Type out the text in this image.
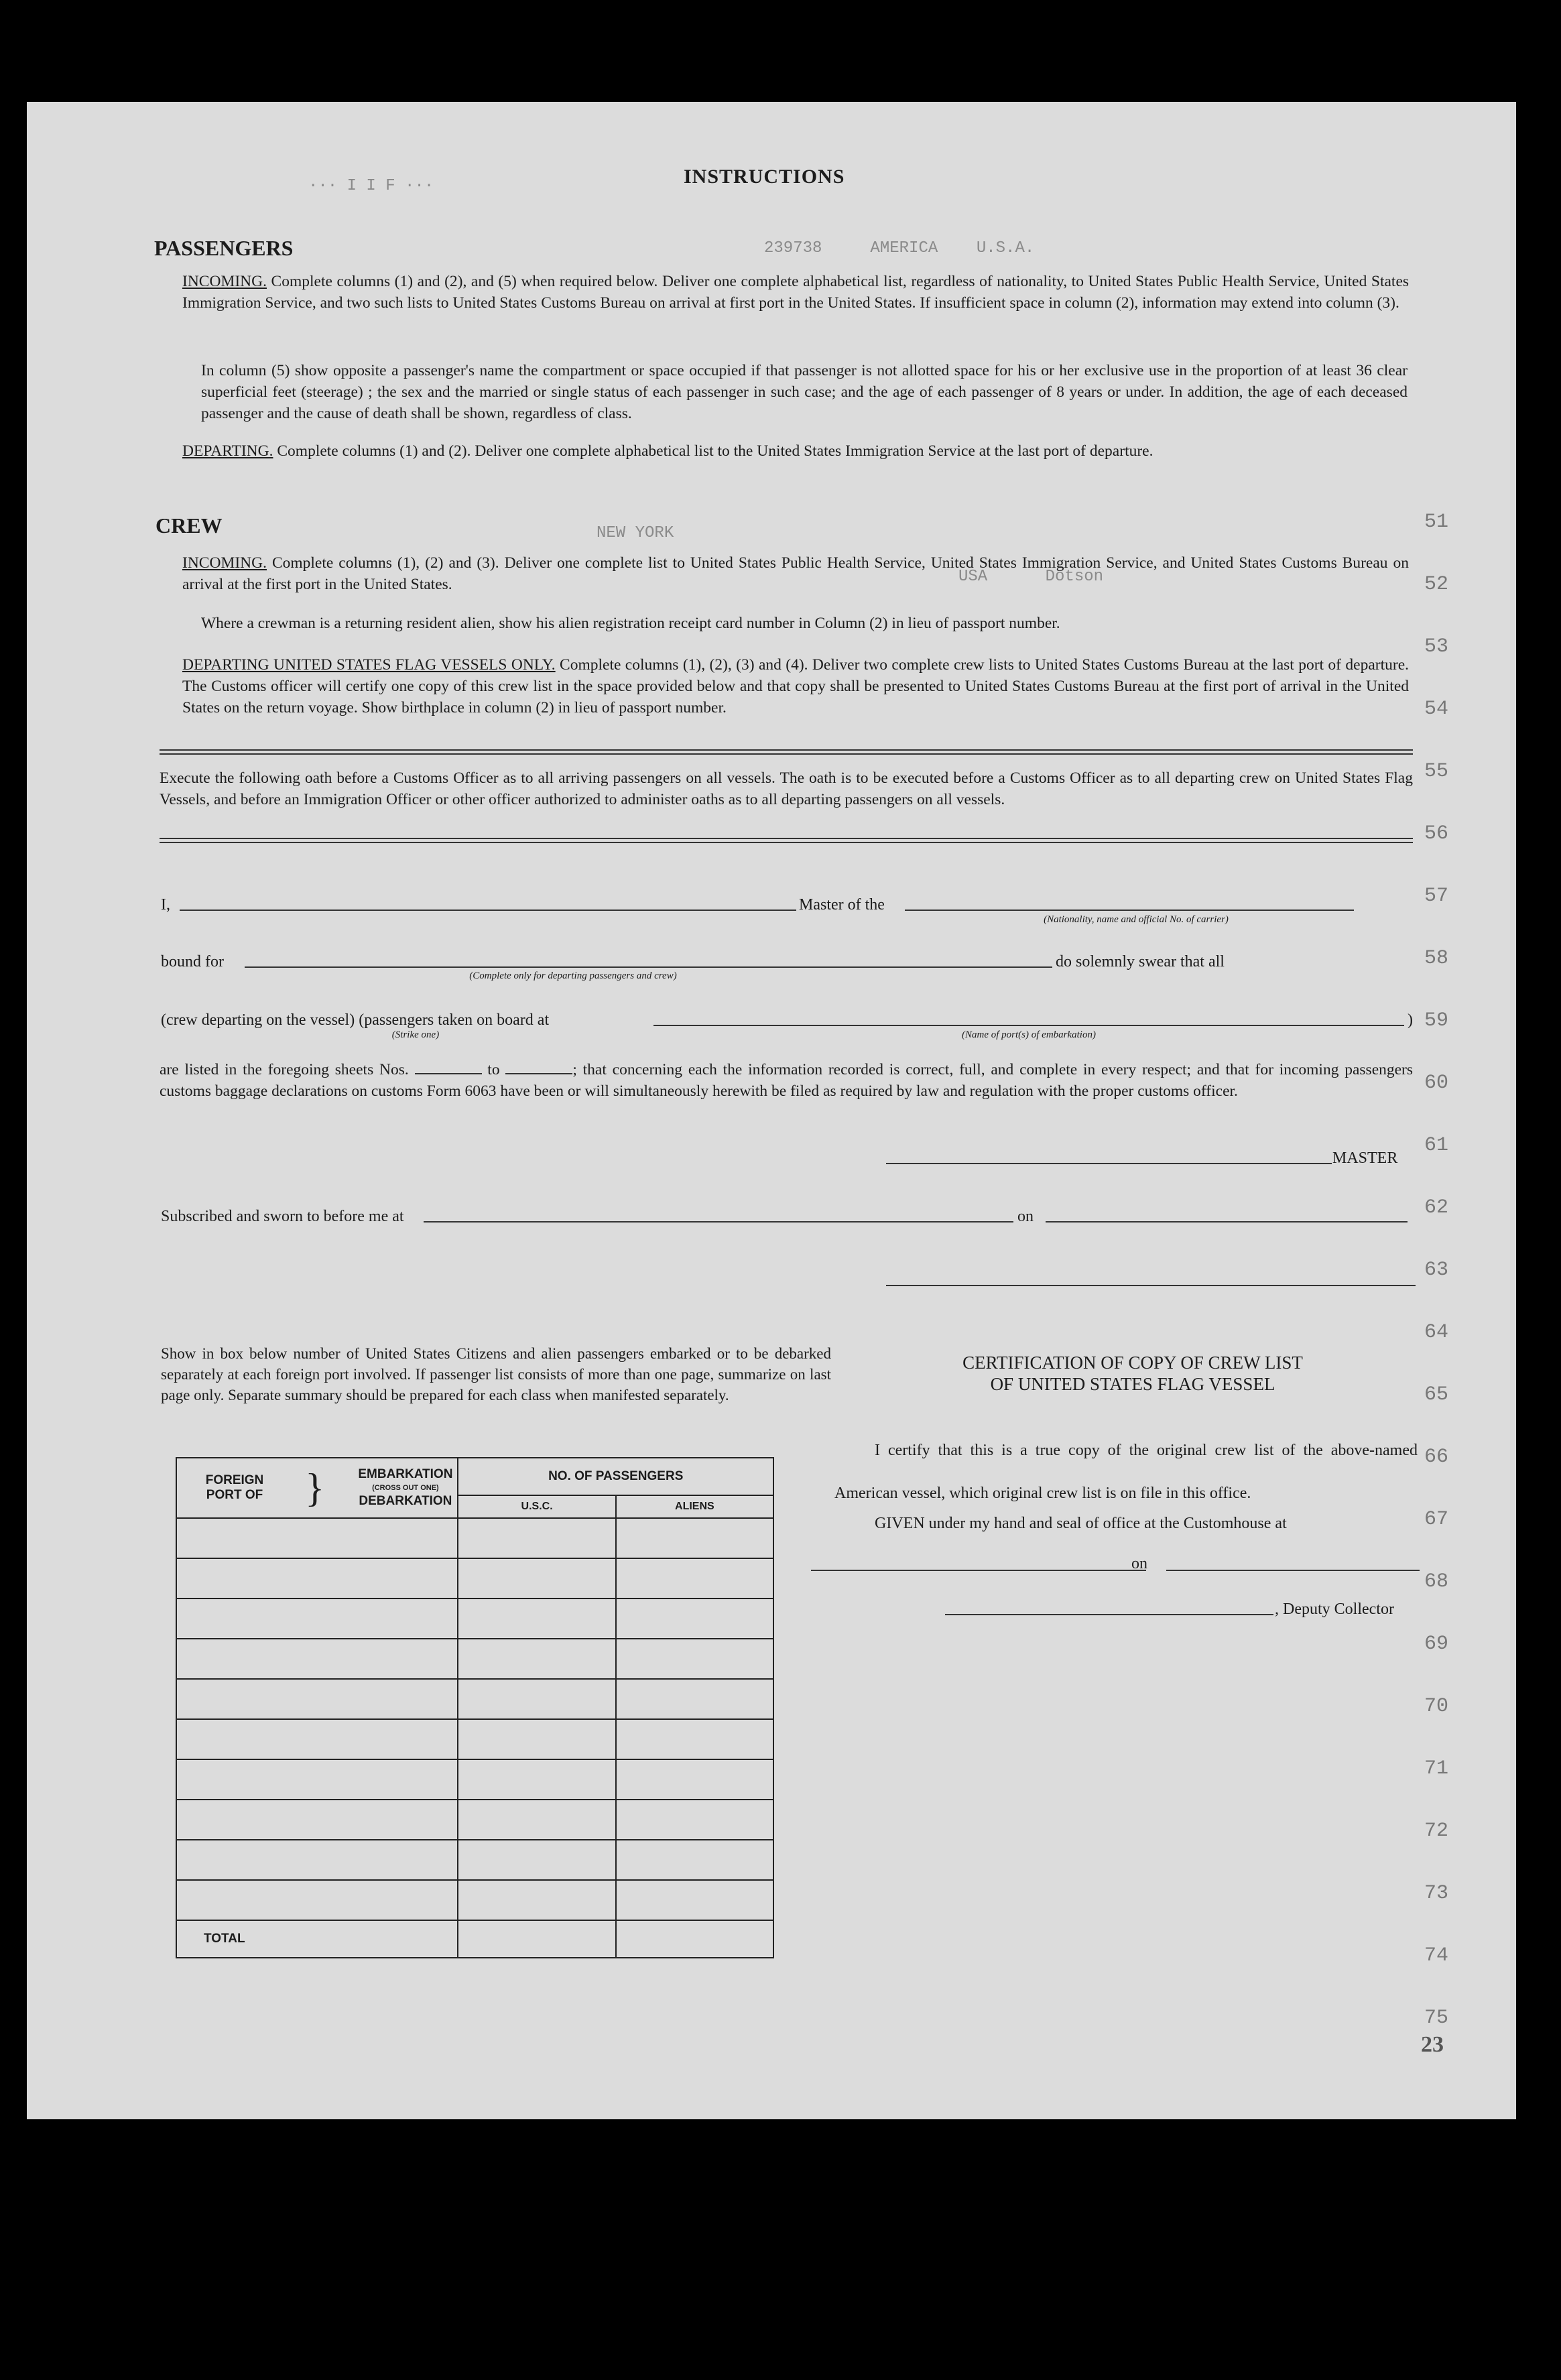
INSTRUCTIONS
PASSENGERS
INCOMING. Complete columns (1) and (2), and (5) when required below. Deliver one complete alphabetical list, regardless of nationality, to United States Public Health Service, United States Immigration Service, and two such lists to United States Customs Bureau on arrival at first port in the United States. If insufficient space in column (2), information may extend into column (3).
In column (5) show opposite a passenger's name the compartment or space occupied if that passenger is not allotted space for his or her exclusive use in the proportion of at least 36 clear superficial feet (steerage) ; the sex and the married or single status of each passenger in such case; and the age of each passenger of 8 years or under. In addition, the age of each deceased passenger and the cause of death shall be shown, regardless of class.
DEPARTING. Complete columns (1) and (2). Deliver one complete alphabetical list to the United States Immigration Service at the last port of departure.
CREW
INCOMING. Complete columns (1), (2) and (3). Deliver one complete list to United States Public Health Service, United States Immigration Service, and United States Customs Bureau on arrival at the first port in the United States.
Where a crewman is a returning resident alien, show his alien registration receipt card number in Column (2) in lieu of passport number.
DEPARTING UNITED STATES FLAG VESSELS ONLY. Complete columns (1), (2), (3) and (4). Deliver two complete crew lists to United States Customs Bureau at the last port of departure. The Customs officer will certify one copy of this crew list in the space provided below and that copy shall be presented to United States Customs Bureau at the first port of arrival in the United States on the return voyage. Show birthplace in column (2) in lieu of passport number.
Execute the following oath before a Customs Officer as to all arriving passengers on all vessels. The oath is to be executed before a Customs Officer as to all departing crew on United States Flag Vessels, and before an Immigration Officer or other officer authorized to administer oaths as to all departing passengers on all vessels.
I,	Master of the
(Nationality, name and official No. of carrier)
bound for
(Complete only for departing passengers and crew)
do solemnly swear that all
(crew departing on the vessel) (passengers taken on board at	)
(Strike one)	(Name of port(s) of embarkation)
are listed in the foregoing sheets Nos.	to	; that concerning each the information recorded is correct, full, and complete in every respect; and that for incoming passengers customs baggage declarations on customs Form 6063 have been or will simultaneously herewith be filed as required by law and regulation with the proper customs officer.
MASTER
Subscribed and sworn to before me at	on
Show in box below number of United States Citizens and alien passengers embarked or to be debarked separately at each foreign port involved. If passenger list consists of more than one page, summarize on last page only. Separate summary should be prepared for each class when manifested separately.
FOREIGN PORT OF } EMBARKATION
(CROSS OUT ONE)
DEBARKATION	NO. OF PASSENGERS	
	U.S.C.	ALIENS

TOTAL		
CERTIFICATION OF COPY OF CREW LIST
OF UNITED STATES FLAG VESSEL
I certify that this is a true copy of the original crew list of the above-named American vessel, which original crew list is on file in this office.
GIVEN under my hand and seal of office at the Customhouse at
on
, Deputy Collector
51
52
53
54
55
56
57
58
59
60
61
62
63
64
65
66
67
68
69
70
71
72
73
74
75
··· I I F ···
239738     AMERICA    U.S.A.
NEW YORK
USA      Dotson
23
